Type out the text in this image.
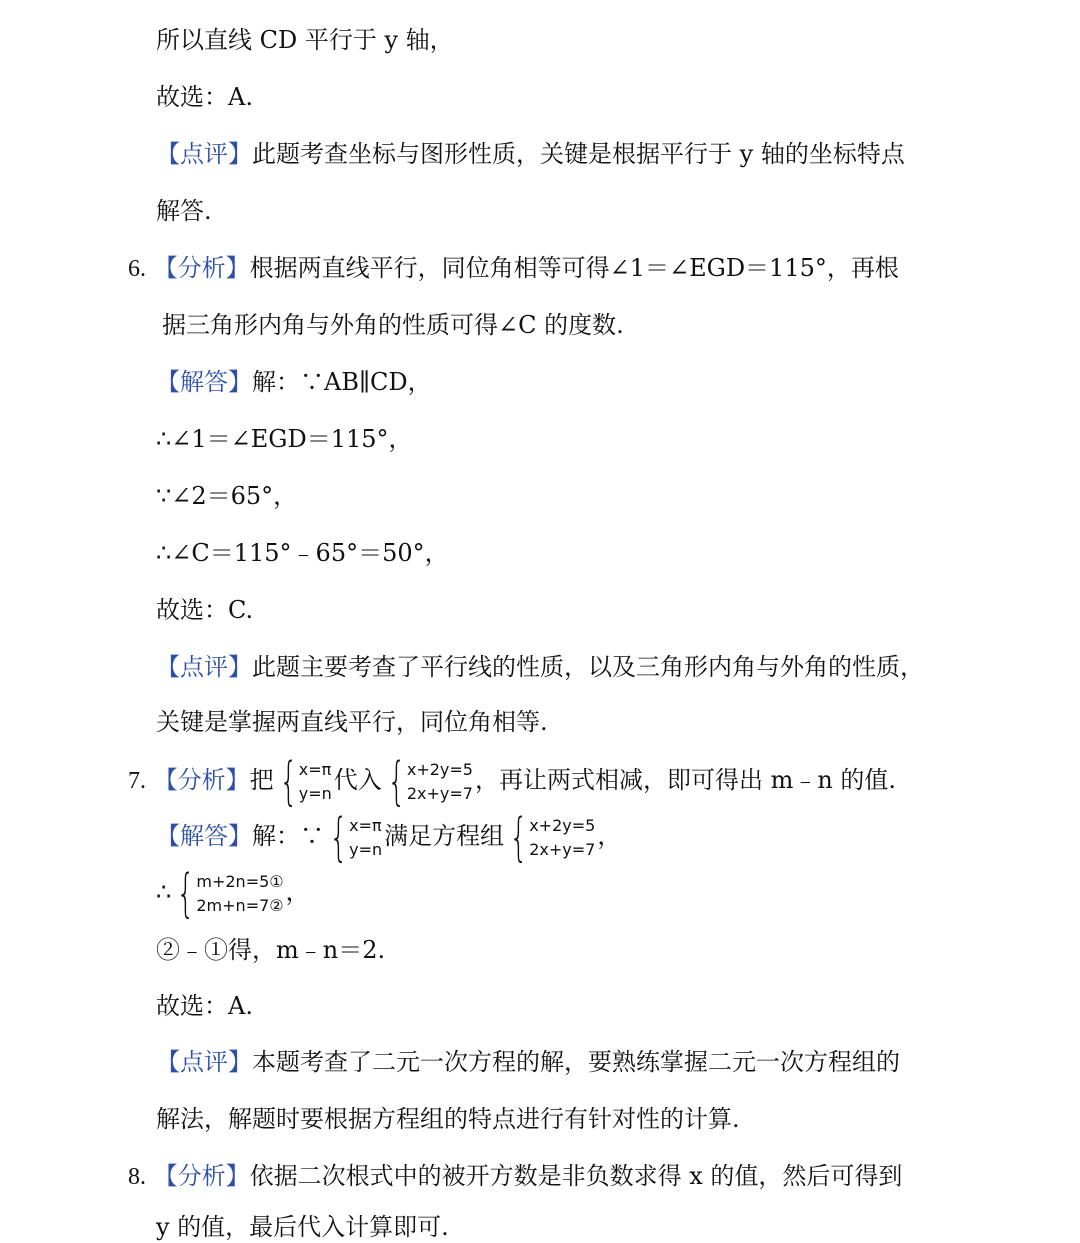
所以直线 CD 平行于 y 轴，
故选：A.
【点评】此题考查坐标与图形性质，关键是根据平行于 y 轴的坐标特点
解答.
6. 【分析】根据两直线平行，同位角相等可得∠1＝∠EGD＝115°，再根
据三角形内角与外角的性质可得∠C 的度数.
【解答】解：∵AB∥CD，
∴∠1＝∠EGD＝115°，
∵∠2＝65°，
∴∠C＝115°﹣65°＝50°，
故选：C.
【点评】此题主要考查了平行线的性质，以及三角形内角与外角的性质，
关键是掌握两直线平行，同位角相等.
7. 【分析】把 { x=π
y=n 代入 { x+2y=5
2x+y=7 ，再让两式相减，即可得出 m﹣n 的值.
【解答】解：∵ { x=π
y=n 满足方程组 { x+2y=5
2x+y=7 ，
∴ { m+2n=5①
2m+n=7② ，
②﹣①得，m﹣n＝2.
故选：A.
【点评】本题考查了二元一次方程的解，要熟练掌握二元一次方程组的
解法，解题时要根据方程组的特点进行有针对性的计算.
8. 【分析】依据二次根式中的被开方数是非负数求得 x 的值，然后可得到
y 的值，最后代入计算即可.
